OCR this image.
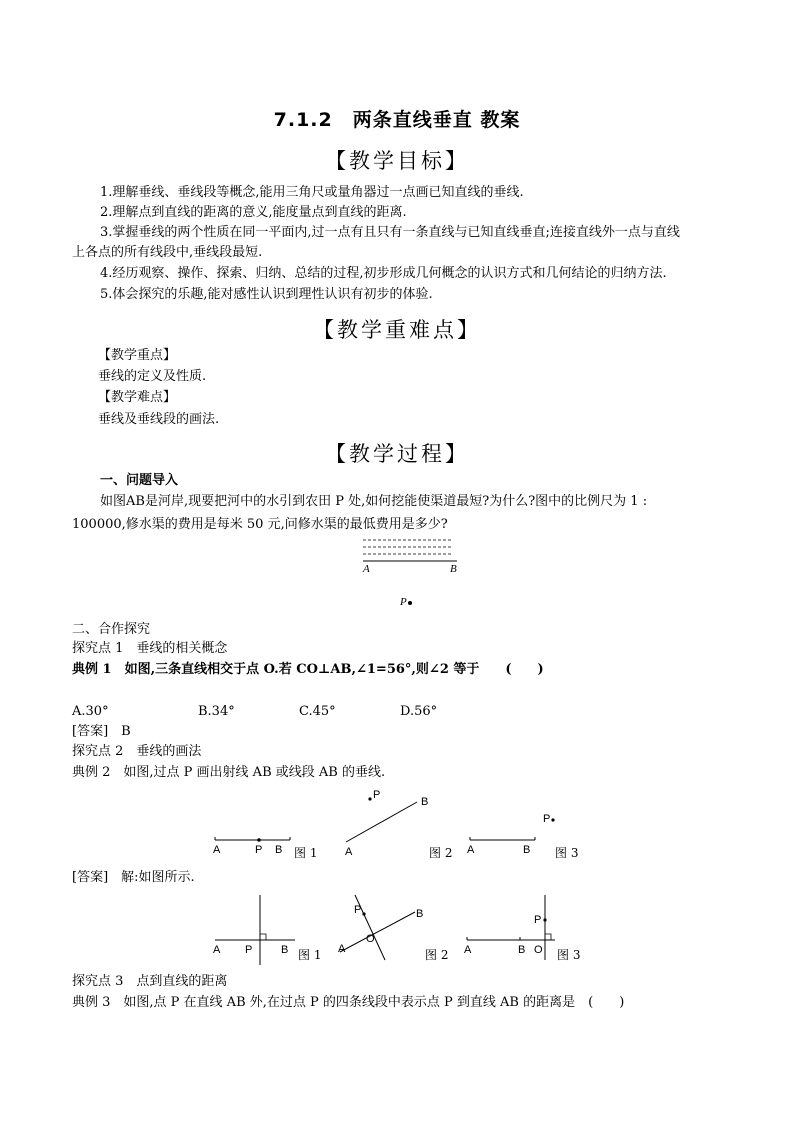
7.1.2　两条直线垂直 教案
【教学目标】
1.理解垂线、垂线段等概念,能用三角尺或量角器过一点画已知直线的垂线.
2.理解点到直线的距离的意义,能度量点到直线的距离.
3.掌握垂线的两个性质在同一平面内,过一点有且只有一条直线与已知直线垂直;连接直线外一点与直线
上各点的所有线段中,垂线段最短.
4.经历观察、操作、探索、归纳、总结的过程,初步形成几何概念的认识方式和几何结论的归纳方法.
5.体会探究的乐趣,能对感性认识到理性认识有初步的体验.
【教学重难点】
【教学重点】
垂线的定义及性质.
【教学难点】
垂线及垂线段的画法.
【教学过程】
一、问题导入
如图AB是河岸,现要把河中的水引到农田 P 处,如何挖能使渠道最短?为什么?图中的比例尺为 1 :
100000,修水渠的费用是每米 50 元,问修水渠的最低费用是多少?
A	B
P
二、合作探究
探究点 1　垂线的相关概念
典例 1　如图,三条直线相交于点 O.若 CO⊥AB,∠1=56°,则∠2 等于　　(　　)
A.30°	B.34°	C.45°	D.56°
[答案]　B
探究点 2　垂线的画法
典例 2　如图,过点 P 画出射线 AB 或线段 AB 的垂线.
A	P B 图 1
P
B
A	图 2
P
A	B 图 3
[答案]　解:如图所示.
A P	B 图 1
P
O
B
A	图 2
P
A	B O 图 3
探究点 3　点到直线的距离
典例 3　如图,点 P 在直线 AB 外,在过点 P 的四条线段中表示点 P 到直线 AB 的距离是　(　　)
